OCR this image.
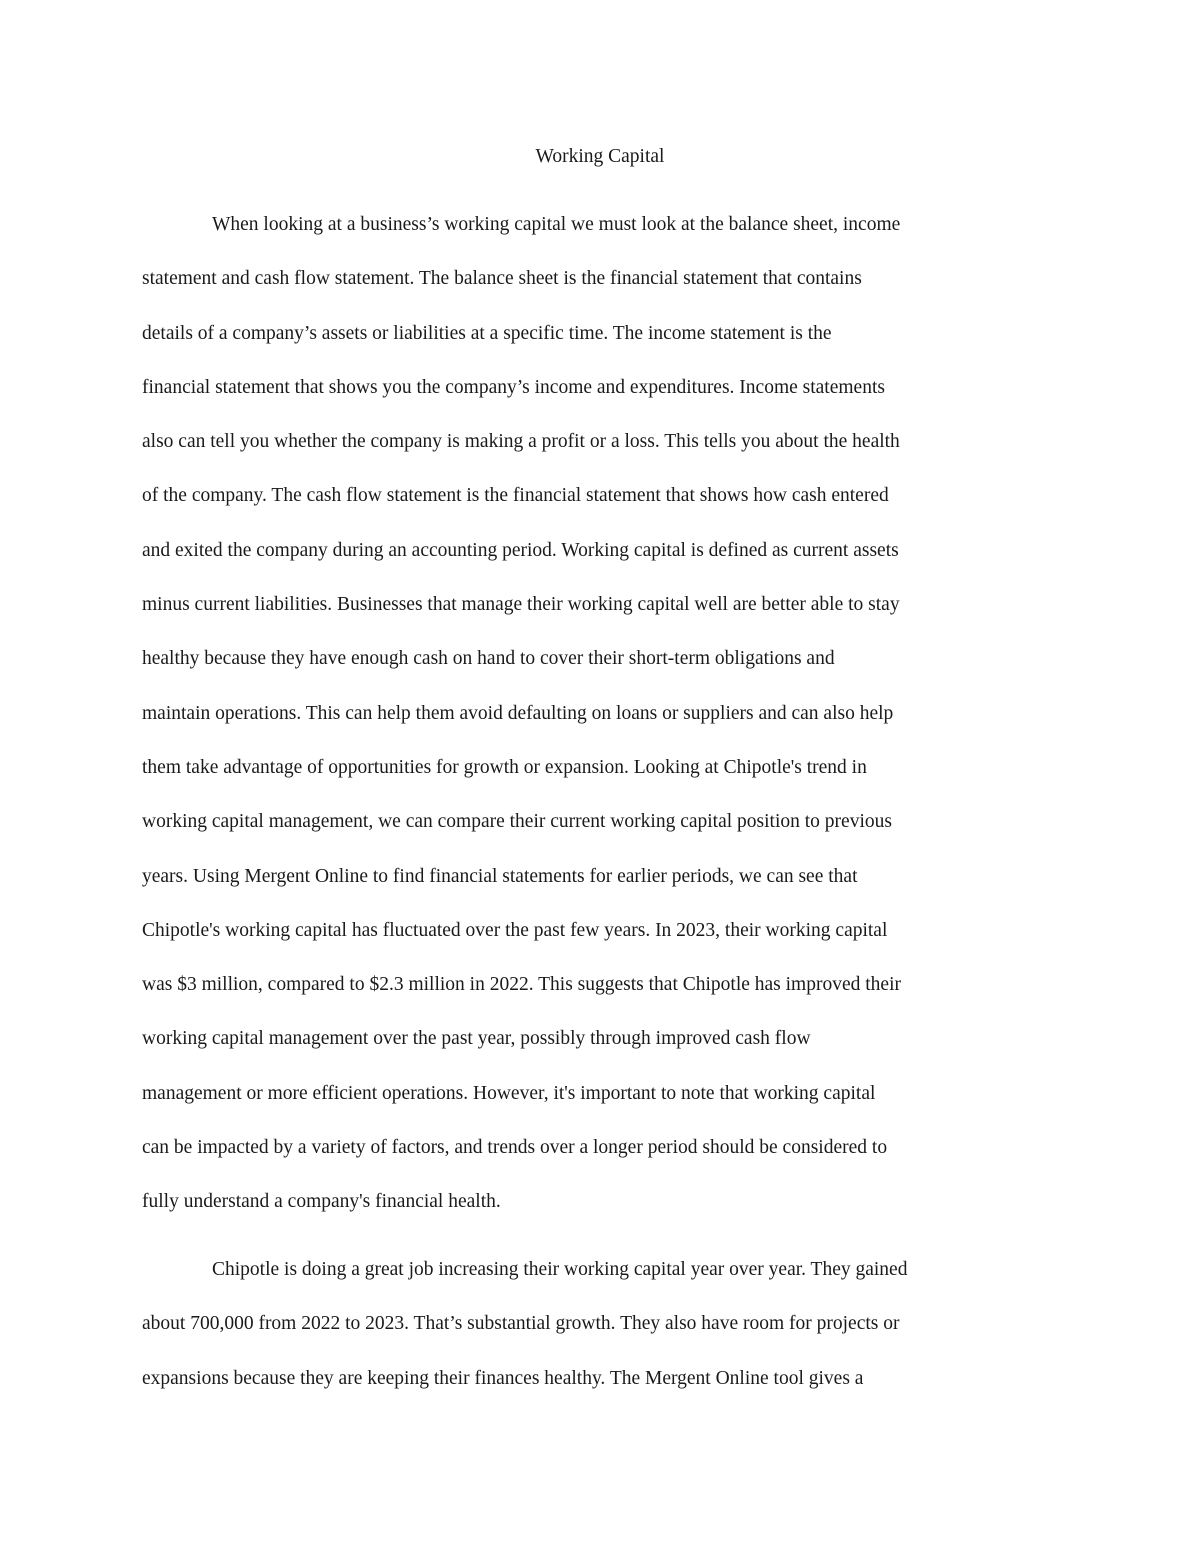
Working Capital
When looking at a business’s working capital we must look at the balance sheet, income
statement and cash flow statement. The balance sheet is the financial statement that contains
details of a company’s assets or liabilities at a specific time. The income statement is the
financial statement that shows you the company’s income and expenditures. Income statements
also can tell you whether the company is making a profit or a loss. This tells you about the health
of the company. The cash flow statement is the financial statement that shows how cash entered
and exited the company during an accounting period. Working capital is defined as current assets
minus current liabilities. Businesses that manage their working capital well are better able to stay
healthy because they have enough cash on hand to cover their short-term obligations and
maintain operations. This can help them avoid defaulting on loans or suppliers and can also help
them take advantage of opportunities for growth or expansion. Looking at Chipotle's trend in
working capital management, we can compare their current working capital position to previous
years. Using Mergent Online to find financial statements for earlier periods, we can see that
Chipotle's working capital has fluctuated over the past few years. In 2023, their working capital
was $3 million, compared to $2.3 million in 2022. This suggests that Chipotle has improved their
working capital management over the past year, possibly through improved cash flow
management or more efficient operations. However, it's important to note that working capital
can be impacted by a variety of factors, and trends over a longer period should be considered to
fully understand a company's financial health.
Chipotle is doing a great job increasing their working capital year over year. They gained
about 700,000 from 2022 to 2023. That’s substantial growth. They also have room for projects or
expansions because they are keeping their finances healthy. The Mergent Online tool gives a
